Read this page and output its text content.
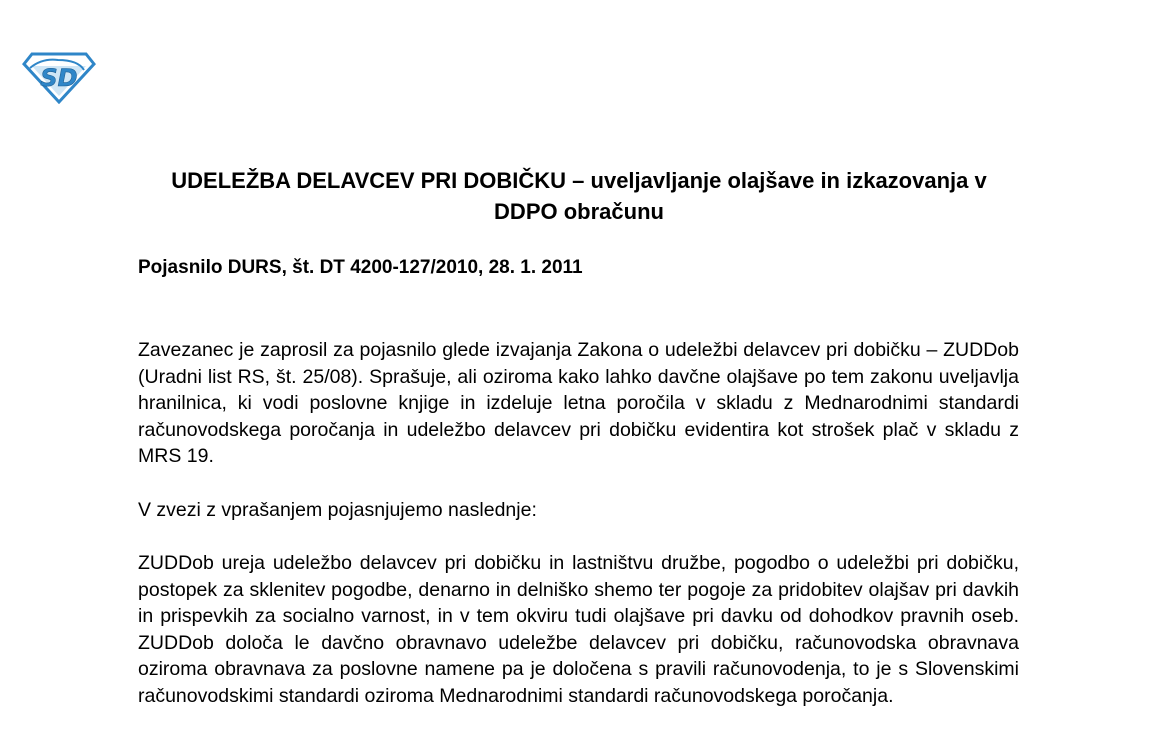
SD
UDELEŽBA DELAVCEV PRI DOBIČKU – uveljavljanje olajšave in izkazovanja v DDPO obračunu

Pojasnilo DURS, št. DT 4200-127/2010, 28. 1. 2011

Zavezanec je zaprosil za pojasnilo glede izvajanja Zakona o udeležbi delavcev pri dobičku – ZUDDob (Uradni list RS, št. 25/08). Sprašuje, ali oziroma kako lahko davčne olajšave po tem zakonu uveljavlja hranilnica, ki vodi poslovne knjige in izdeluje letna poročila v skladu z Mednarodnimi standardi računovodskega poročanja in udeležbo delavcev pri dobičku evidentira kot strošek plač v skladu z MRS 19.

V zvezi z vprašanjem pojasnjujemo naslednje:

ZUDDob ureja udeležbo delavcev pri dobičku in lastništvu družbe, pogodbo o udeležbi pri dobičku, postopek za sklenitev pogodbe, denarno in delniško shemo ter pogoje za pridobitev olajšav pri davkih in prispevkih za socialno varnost, in v tem okviru tudi olajšave pri davku od dohodkov pravnih oseb. ZUDDob določa le davčno obravnavo udeležbe delavcev pri dobičku, računovodska obravnava oziroma obravnava za poslovne namene pa je določena s pravili računovodenja, to je s Slovenskimi računovodskimi standardi oziroma Mednarodnimi standardi računovodskega poročanja.
